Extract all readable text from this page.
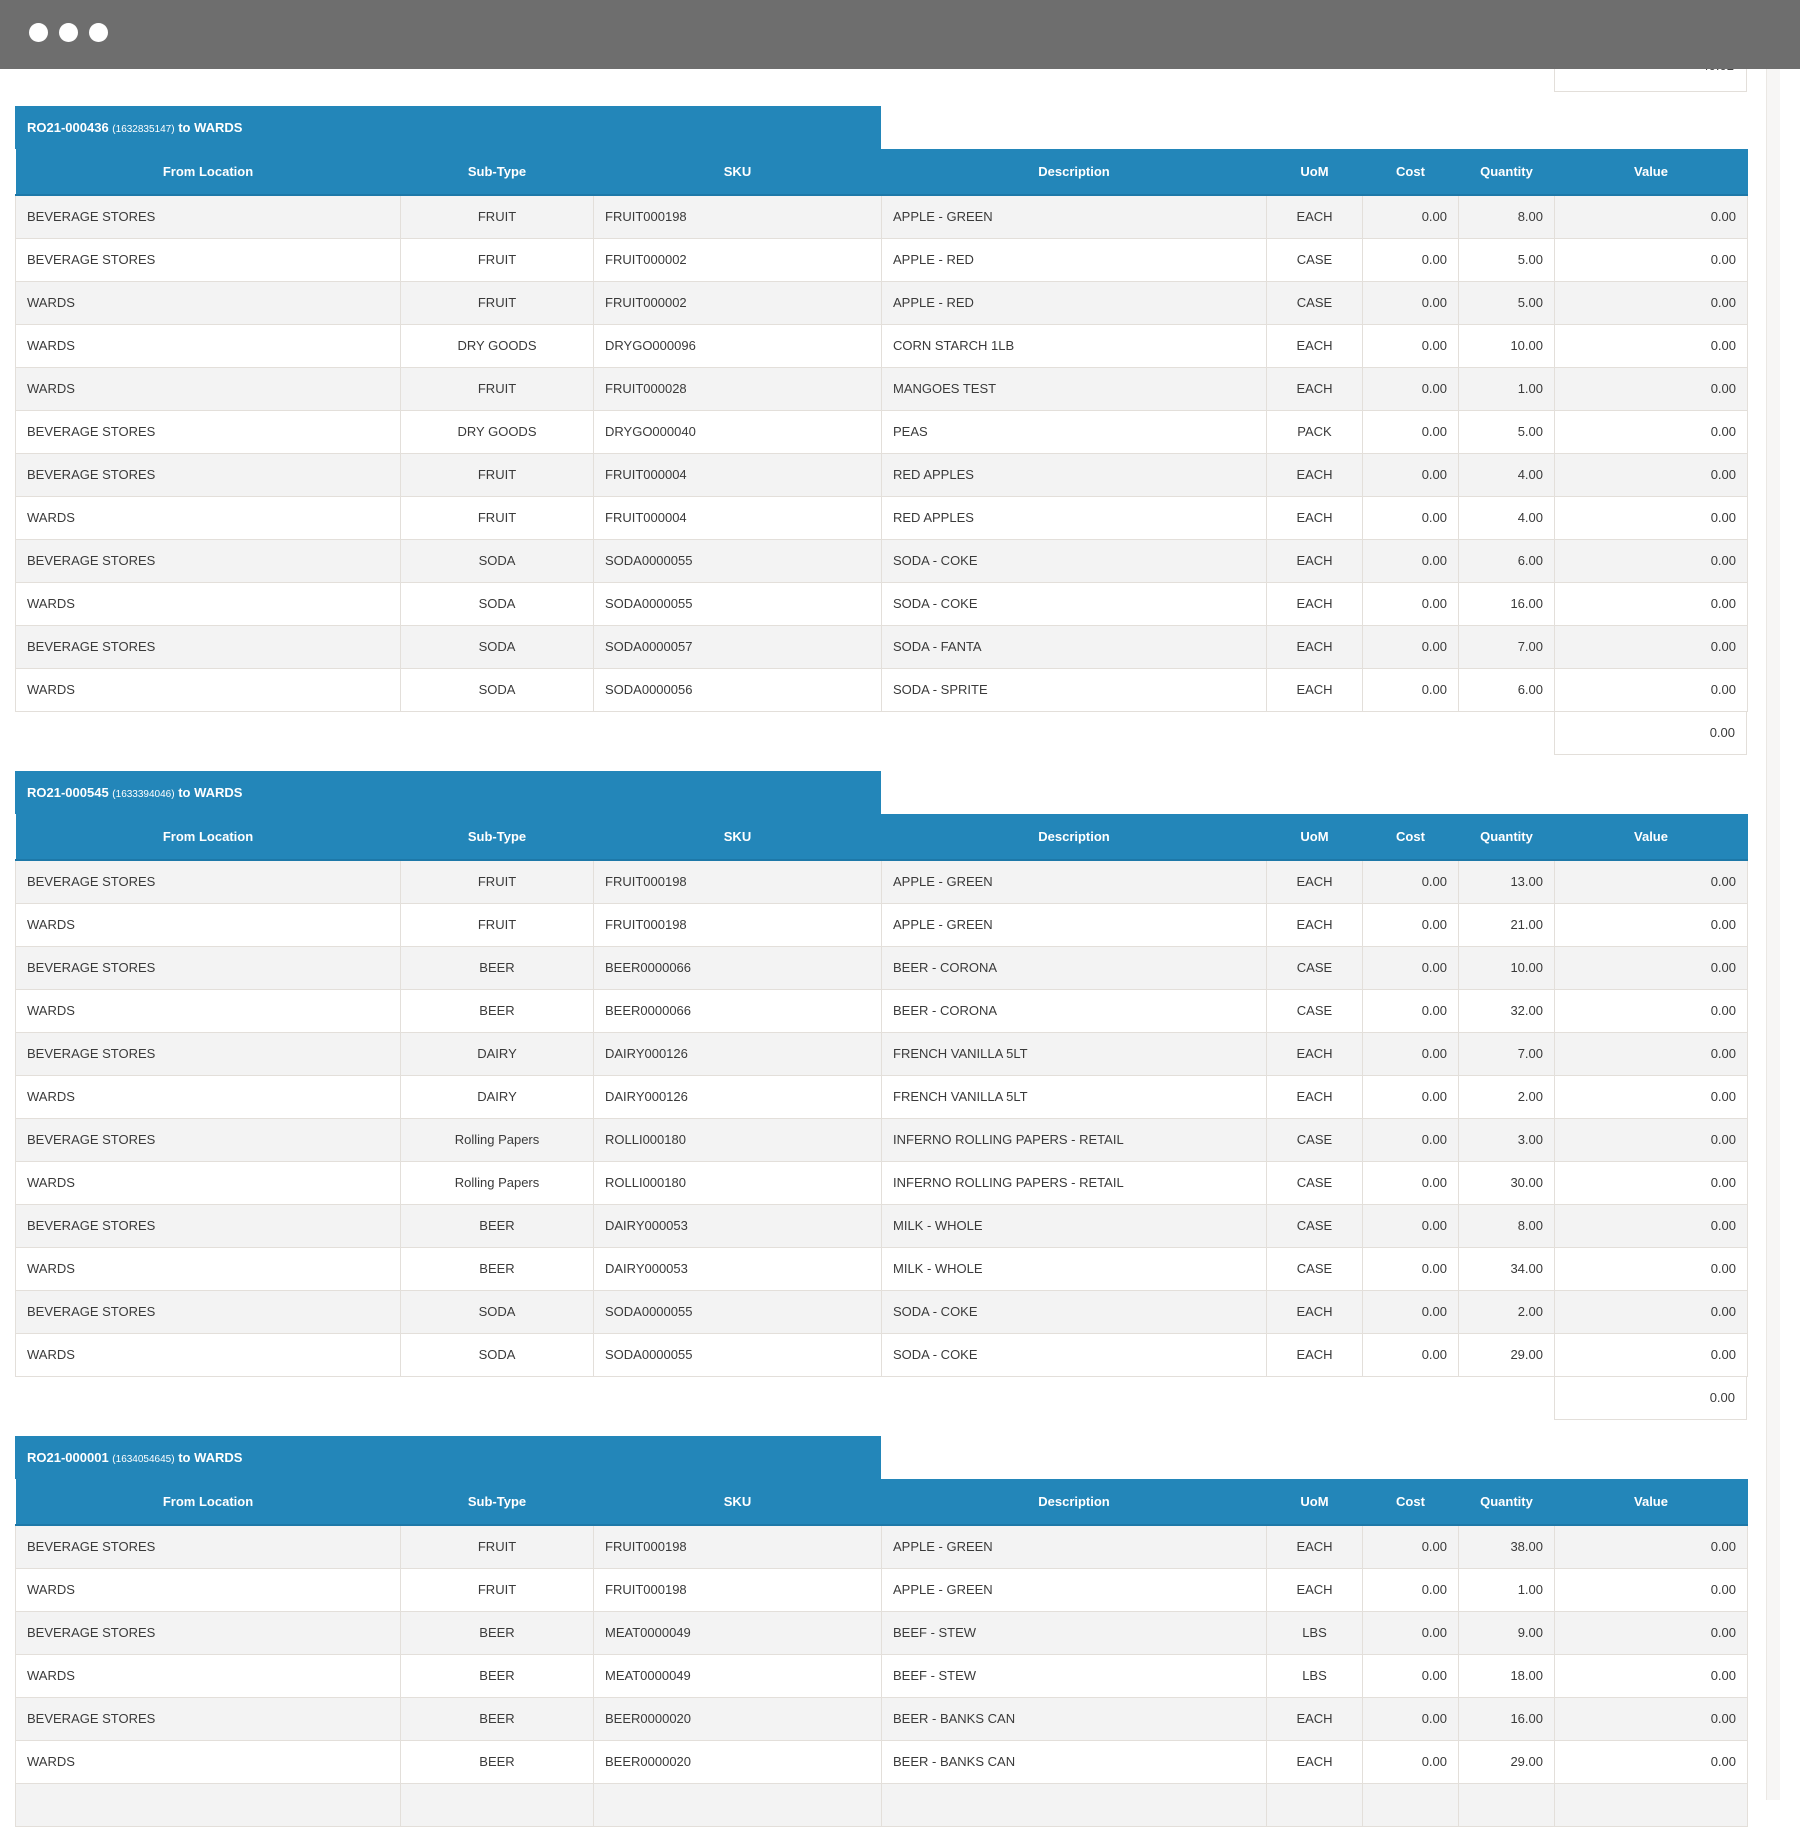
RO21-000436 (1632835147) to WARDS
From Location	Sub-Type	SKU	Description	UoM	Cost	Quantity	Value
BEVERAGE STORES	FRUIT	FRUIT000198	APPLE - GREEN	EACH	0.00	8.00	0.00
BEVERAGE STORES	FRUIT	FRUIT000002	APPLE - RED	CASE	0.00	5.00	0.00
WARDS	FRUIT	FRUIT000002	APPLE - RED	CASE	0.00	5.00	0.00
WARDS	DRY GOODS	DRYGO000096	CORN STARCH 1LB	EACH	0.00	10.00	0.00
WARDS	FRUIT	FRUIT000028	MANGOES TEST	EACH	0.00	1.00	0.00
BEVERAGE STORES	DRY GOODS	DRYGO000040	PEAS	PACK	0.00	5.00	0.00
BEVERAGE STORES	FRUIT	FRUIT000004	RED APPLES	EACH	0.00	4.00	0.00
WARDS	FRUIT	FRUIT000004	RED APPLES	EACH	0.00	4.00	0.00
BEVERAGE STORES	SODA	SODA0000055	SODA - COKE	EACH	0.00	6.00	0.00
WARDS	SODA	SODA0000055	SODA - COKE	EACH	0.00	16.00	0.00
BEVERAGE STORES	SODA	SODA0000057	SODA - FANTA	EACH	0.00	7.00	0.00
WARDS	SODA	SODA0000056	SODA - SPRITE	EACH	0.00	6.00	0.00
0.00
RO21-000545 (1633394046) to WARDS
From Location	Sub-Type	SKU	Description	UoM	Cost	Quantity	Value
BEVERAGE STORES	FRUIT	FRUIT000198	APPLE - GREEN	EACH	0.00	13.00	0.00
WARDS	FRUIT	FRUIT000198	APPLE - GREEN	EACH	0.00	21.00	0.00
BEVERAGE STORES	BEER	BEER0000066	BEER - CORONA	CASE	0.00	10.00	0.00
WARDS	BEER	BEER0000066	BEER - CORONA	CASE	0.00	32.00	0.00
BEVERAGE STORES	DAIRY	DAIRY000126	FRENCH VANILLA 5LT	EACH	0.00	7.00	0.00
WARDS	DAIRY	DAIRY000126	FRENCH VANILLA 5LT	EACH	0.00	2.00	0.00
BEVERAGE STORES	Rolling Papers	ROLLI000180	INFERNO ROLLING PAPERS - RETAIL	CASE	0.00	3.00	0.00
WARDS	Rolling Papers	ROLLI000180	INFERNO ROLLING PAPERS - RETAIL	CASE	0.00	30.00	0.00
BEVERAGE STORES	BEER	DAIRY000053	MILK - WHOLE	CASE	0.00	8.00	0.00
WARDS	BEER	DAIRY000053	MILK - WHOLE	CASE	0.00	34.00	0.00
BEVERAGE STORES	SODA	SODA0000055	SODA - COKE	EACH	0.00	2.00	0.00
WARDS	SODA	SODA0000055	SODA - COKE	EACH	0.00	29.00	0.00
0.00
RO21-000001 (1634054645) to WARDS
From Location	Sub-Type	SKU	Description	UoM	Cost	Quantity	Value
BEVERAGE STORES	FRUIT	FRUIT000198	APPLE - GREEN	EACH	0.00	38.00	0.00
WARDS	FRUIT	FRUIT000198	APPLE - GREEN	EACH	0.00	1.00	0.00
BEVERAGE STORES	BEER	MEAT0000049	BEEF - STEW	LBS	0.00	9.00	0.00
WARDS	BEER	MEAT0000049	BEEF - STEW	LBS	0.00	18.00	0.00
BEVERAGE STORES	BEER	BEER0000020	BEER - BANKS CAN	EACH	0.00	16.00	0.00
WARDS	BEER	BEER0000020	BEER - BANKS CAN	EACH	0.00	29.00	0.00
